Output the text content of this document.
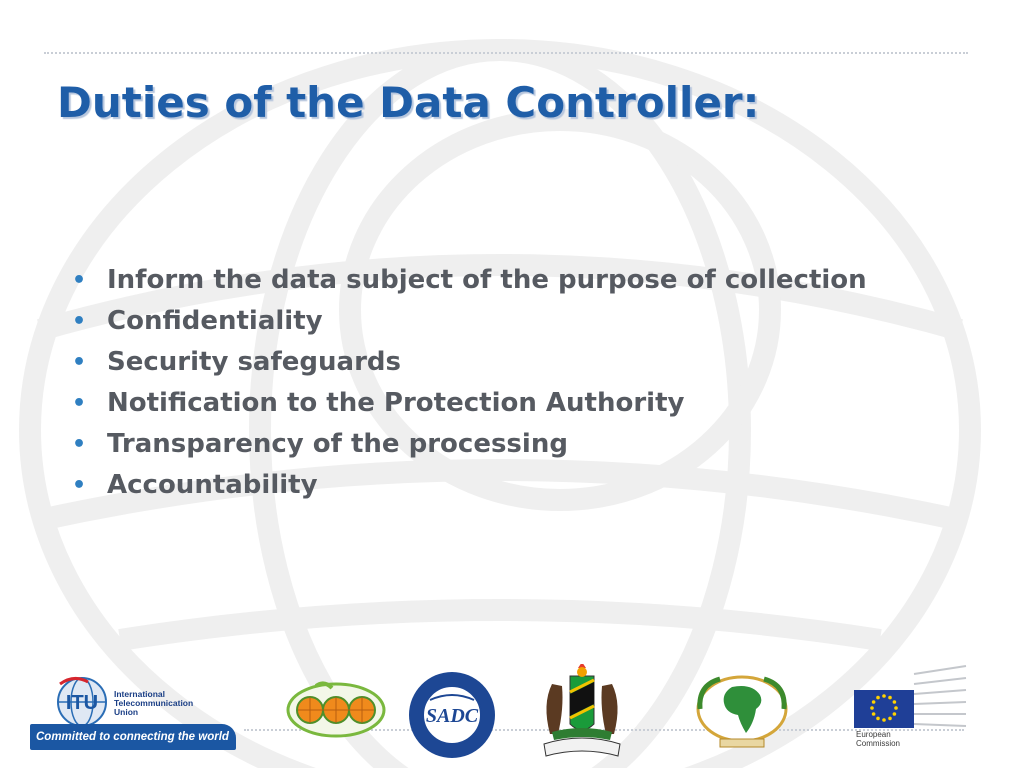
Duties of the Data Controller:
• Inform the data subject of the purpose of collection
• Confidentiality
• Security safeguards
• Notification to the Protection Authority
• Transparency of the processing
• Accountability
ITU International
Telecommunication
Union
Committed to connecting the world
SADC
European
Commission
